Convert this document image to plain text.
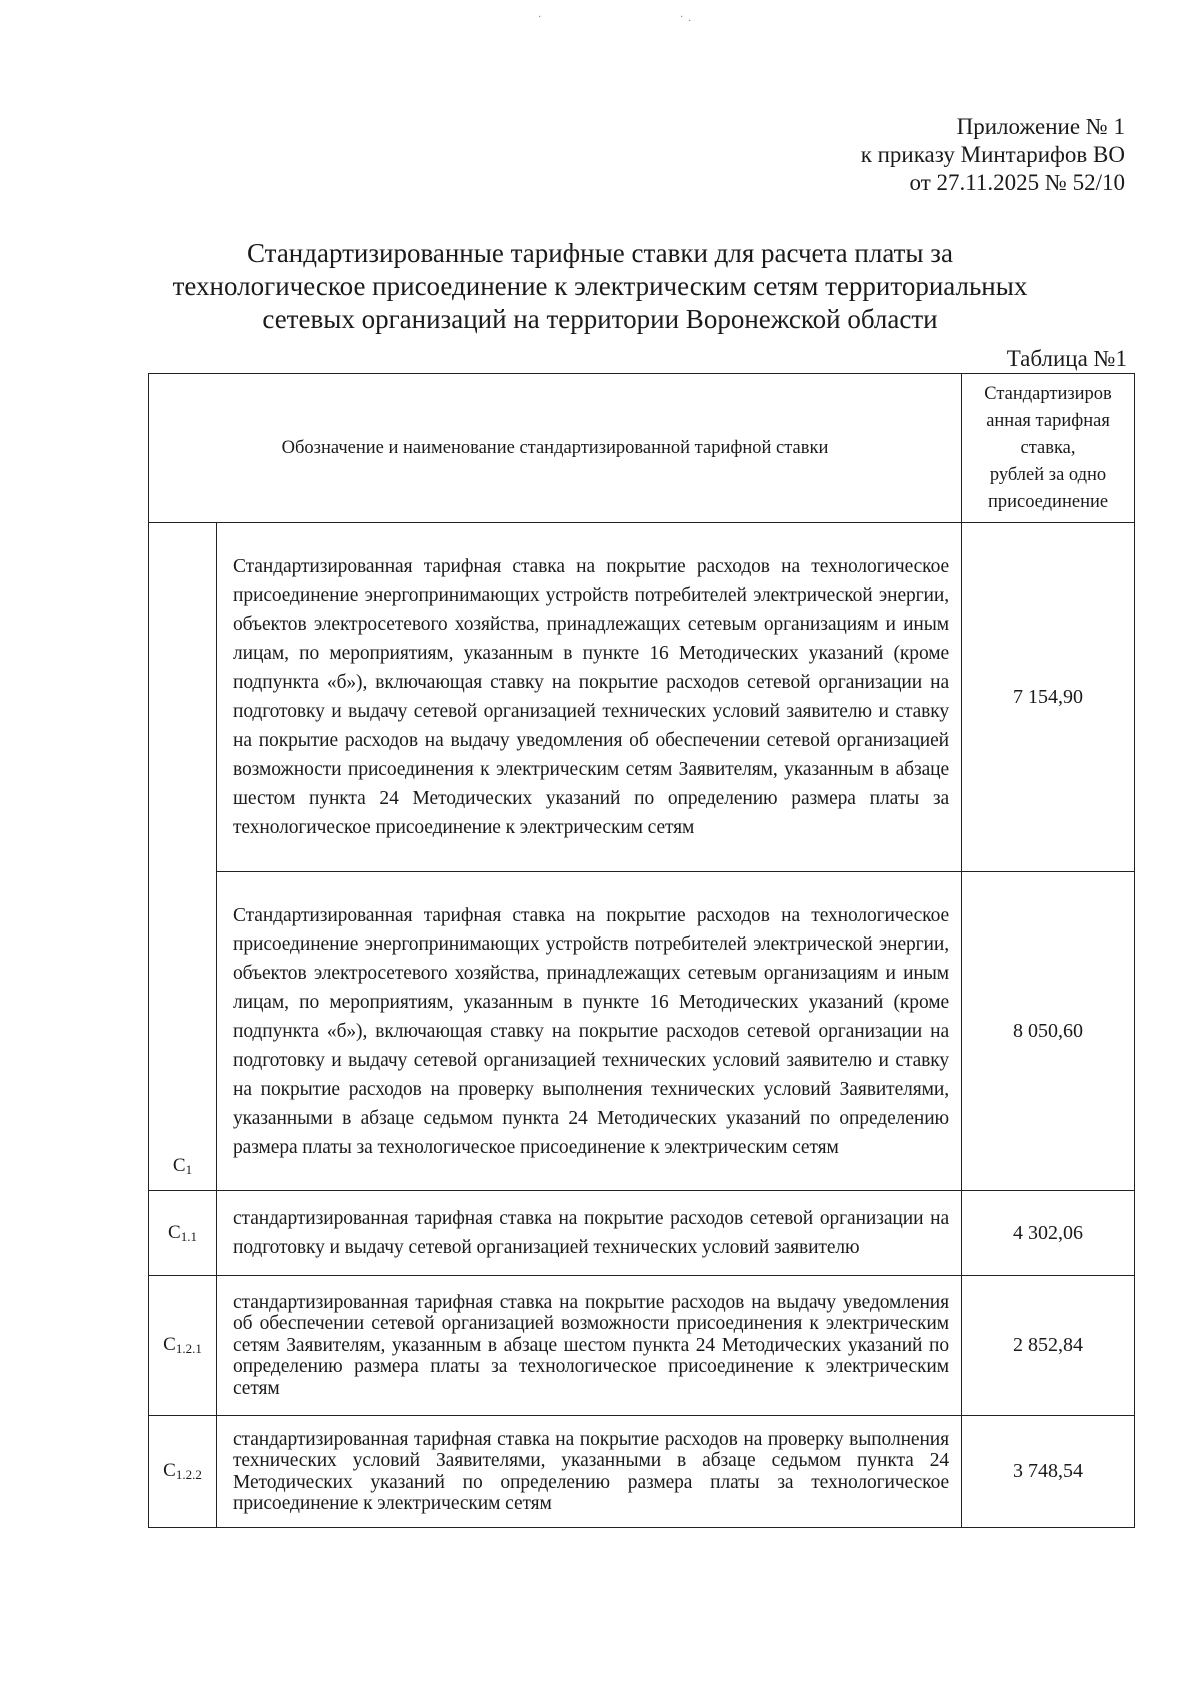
·	· ·
Приложение № 1
к приказу Минтарифов ВО
от 27.11.2025 № 52/10
Стандартизированные тарифные ставки для расчета платы за
технологическое присоединение к электрическим сетям территориальных
сетевых организаций на территории Воронежской области
Таблица №1
Обозначение и наименование стандартизированной тарифной ставки		Стандартизиров
анная тарифная
ставка,
рублей за одно
присоединение

$С_1$	Стандартизированная тарифная ставка на покрытие расходов на технологическое присоединение энергопринимающих устройств потребителей электрической энергии, объектов электросетевого хозяйства, принадлежащих сетевым организациям и иным лицам, по мероприятиям, указанным в пункте 16 Методических указаний (кроме подпункта «б»), включающая ставку на покрытие расходов сетевой организации на подготовку и выдачу сетевой организацией технических условий заявителю и ставку на покрытие расходов на выдачу уведомления об обеспечении сетевой организацией возможности присоединения к электрическим сетям Заявителям, указанным в абзаце шестом пункта 24 Методических указаний по определению размера платы за технологическое присоединение к электрическим сетям	7 154,90
	Стандартизированная тарифная ставка на покрытие расходов на технологическое присоединение энергопринимающих устройств потребителей электрической энергии, объектов электросетевого хозяйства, принадлежащих сетевым организациям и иным лицам, по мероприятиям, указанным в пункте 16 Методических указаний (кроме подпункта «б»), включающая ставку на покрытие расходов сетевой организации на подготовку и выдачу сетевой организацией технических условий заявителю и ставку на покрытие расходов на проверку выполнения технических условий Заявителями, указанными в абзаце седьмом пункта 24 Методических указаний по определению размера платы за технологическое присоединение к электрическим сетям	8 050,60
$С_{1.1}$	стандартизированная тарифная ставка на покрытие расходов сетевой организации на подготовку и выдачу сетевой организацией технических условий заявителю	4 302,06
$С_{1.2.1}$	стандартизированная тарифная ставка на покрытие расходов на выдачу уведомления об обеспечении сетевой организацией возможности присоединения к электрическим сетям Заявителям, указанным в абзаце шестом пункта 24 Методических указаний по определению размера платы за технологическое присоединение к электрическим сетям	2 852,84
$С_{1.2.2}$	стандартизированная тарифная ставка на покрытие расходов на проверку выполнения технических условий Заявителями, указанными в абзаце седьмом пункта 24 Методических указаний по определению размера платы за технологическое присоединение к электрическим сетям	3 748,54
